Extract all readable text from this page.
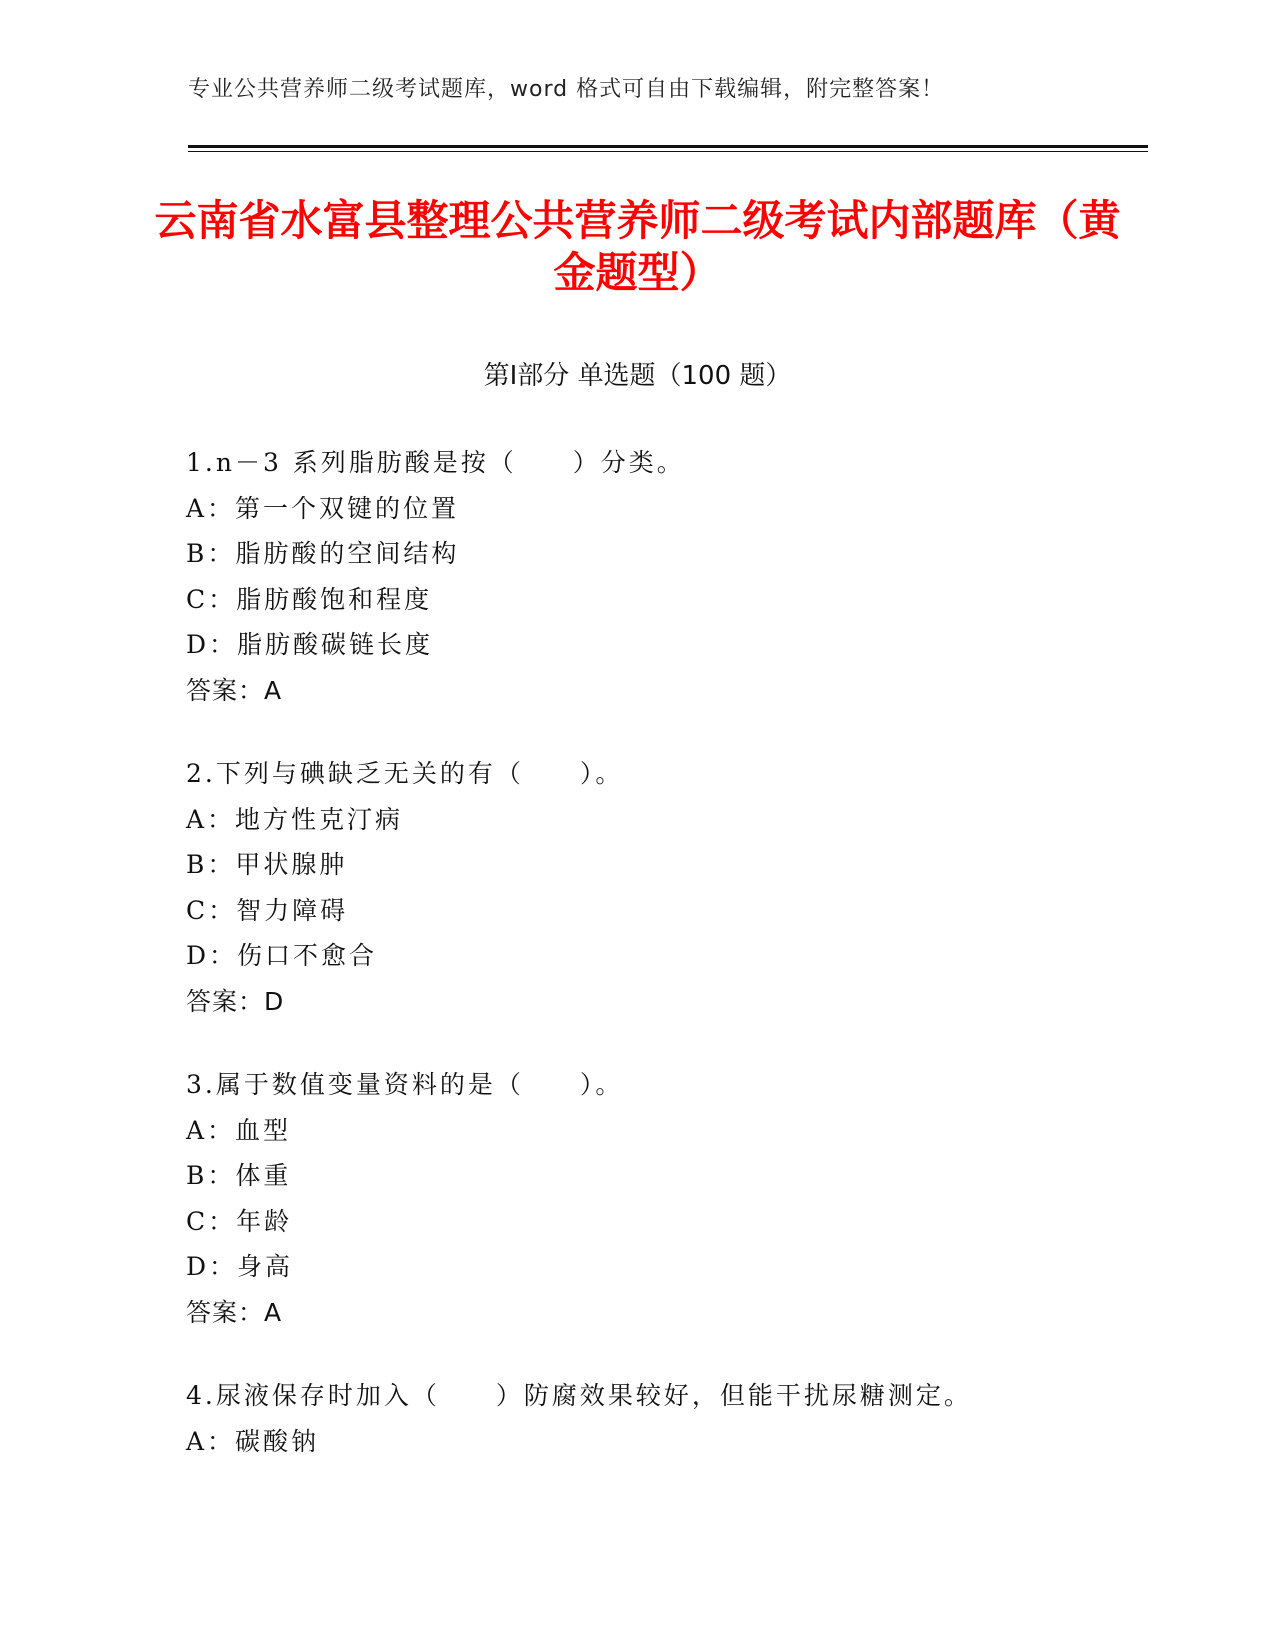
专业公共营养师二级考试题库，word 格式可自由下载编辑，附完整答案！
云南省水富县整理公共营养师二级考试内部题库（黄金题型）
第Ⅰ部分 单选题（100 题）
1.n－3 系列脂肪酸是按（　　）分类。
A：第一个双键的位置
B：脂肪酸的空间结构
C：脂肪酸饱和程度
D：脂肪酸碳链长度
答案：A
2.下列与碘缺乏无关的有（　　）。
A：地方性克汀病
B：甲状腺肿
C：智力障碍
D：伤口不愈合
答案：D
3.属于数值变量资料的是（　　）。
A：血型
B：体重
C：年龄
D：身高
答案：A
4.尿液保存时加入（　　）防腐效果较好，但能干扰尿糖测定。
A：碳酸钠
